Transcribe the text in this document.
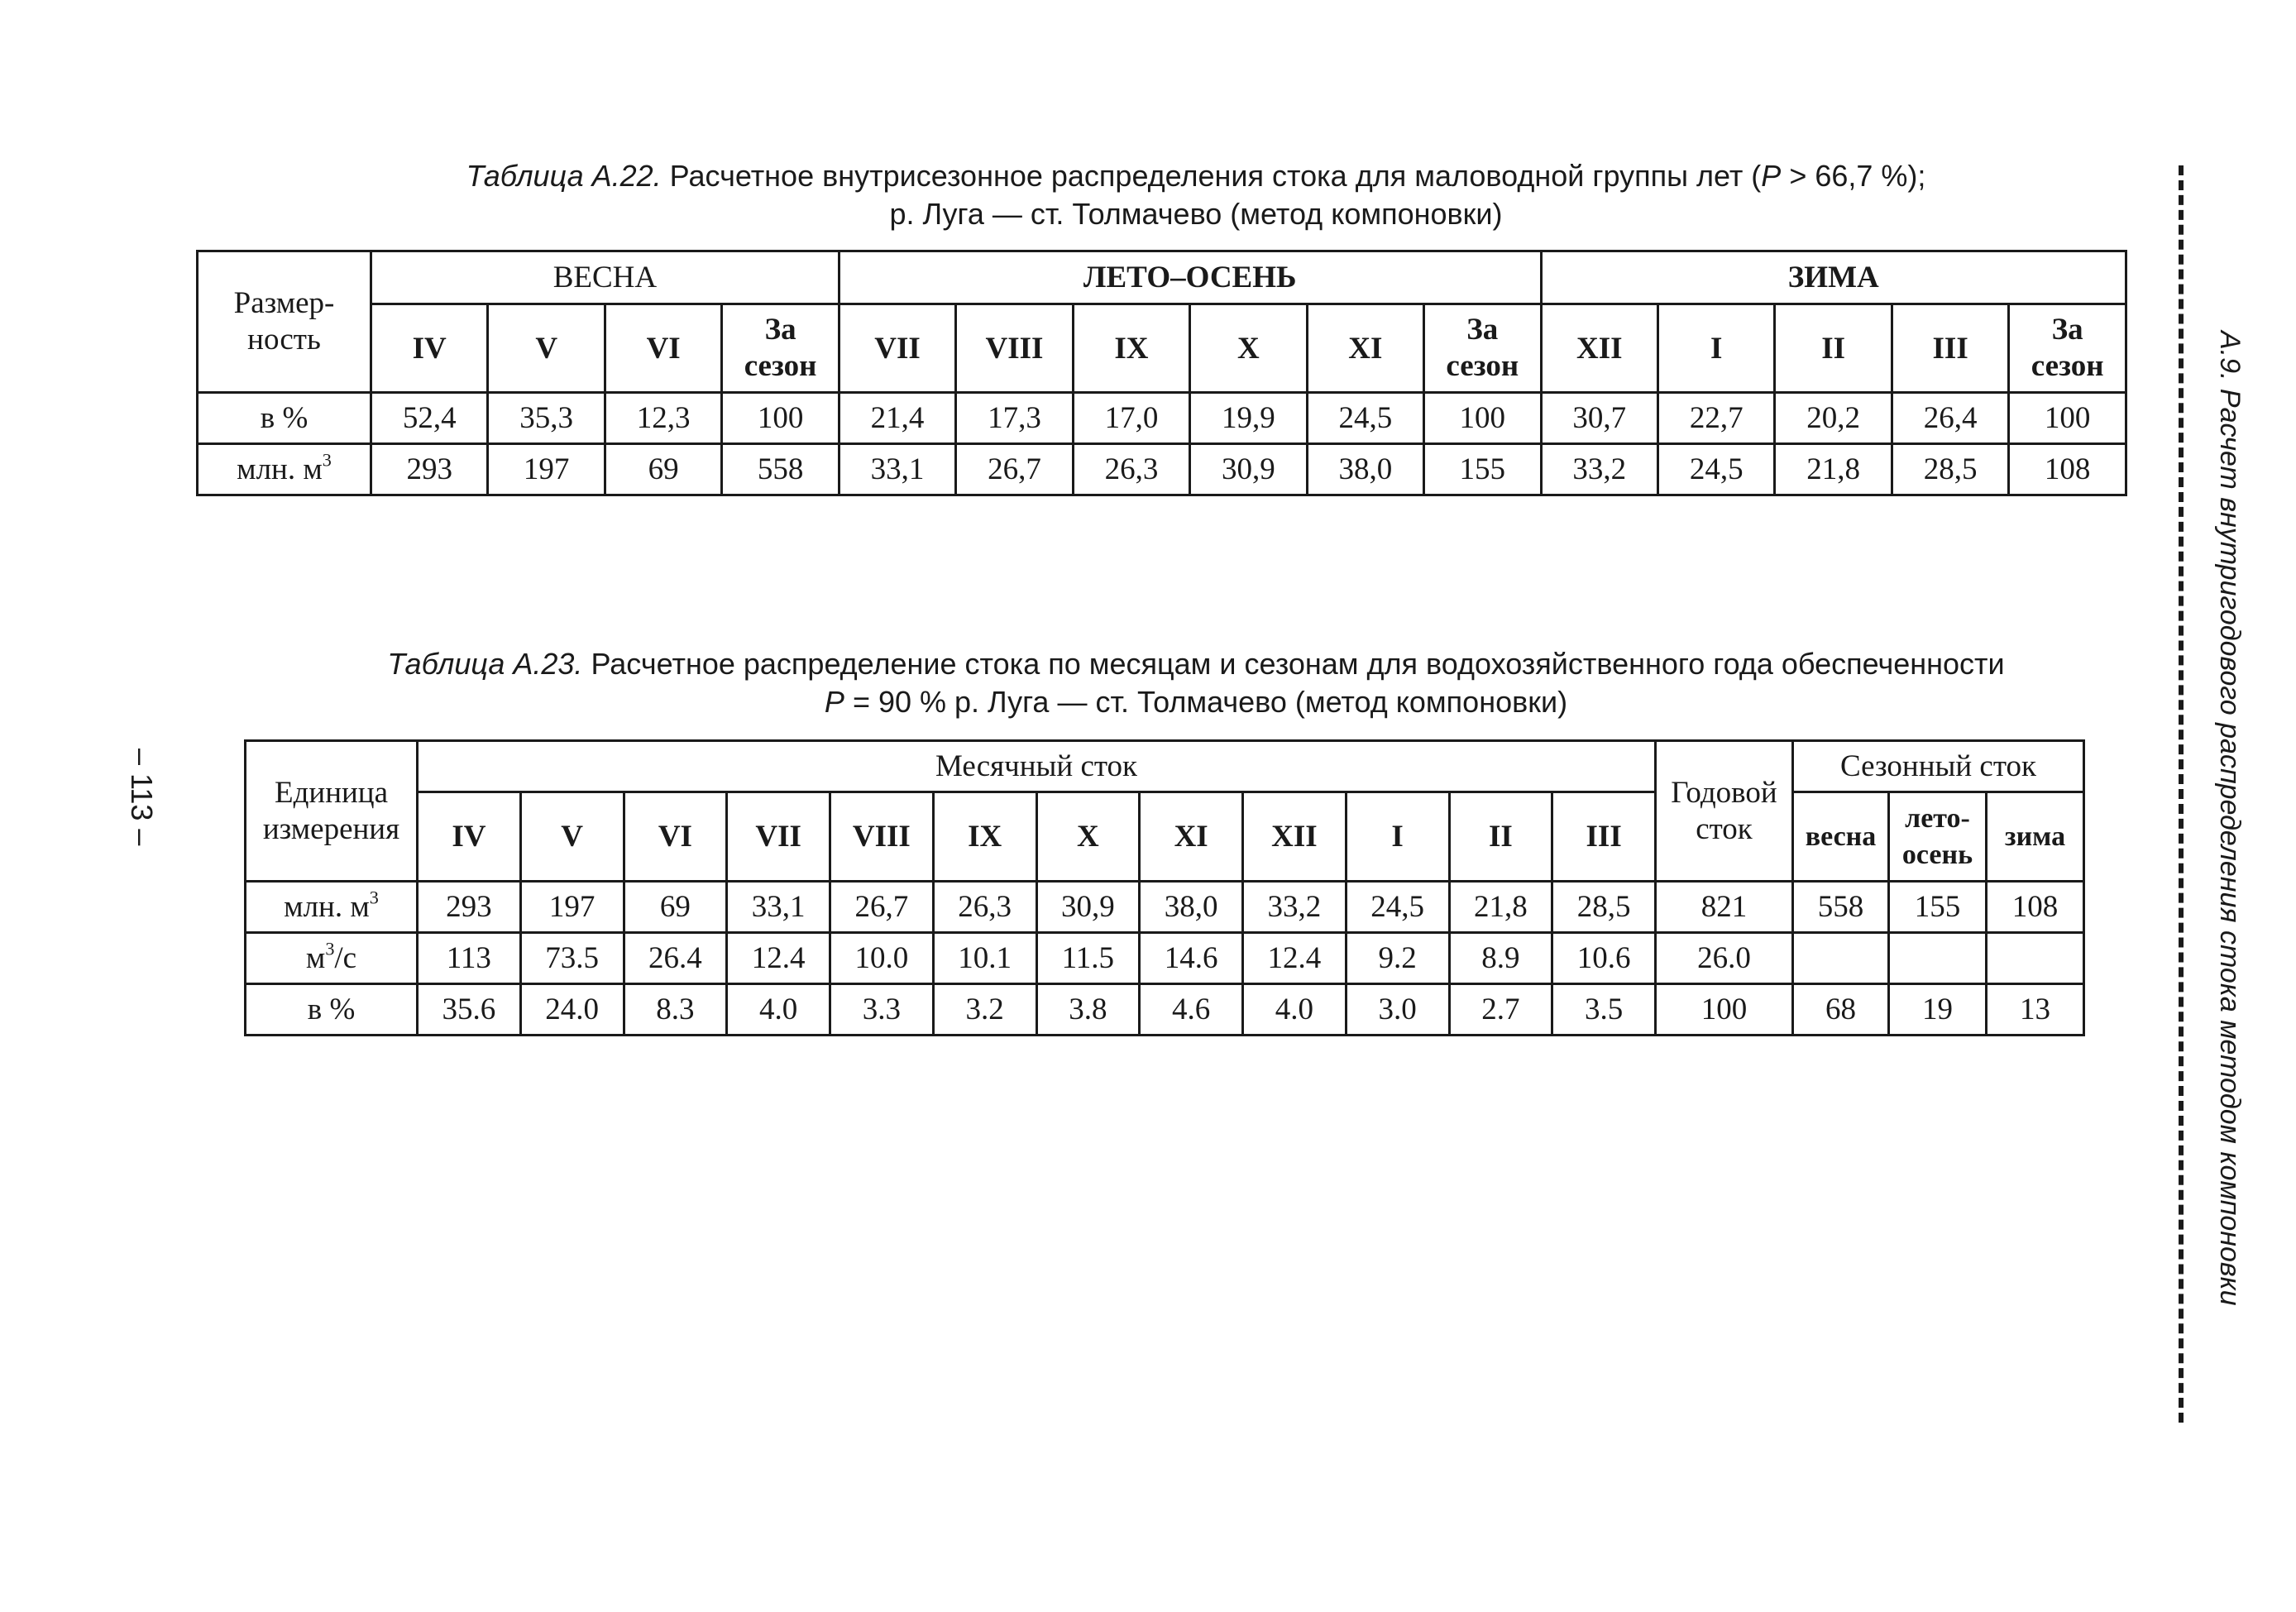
Таблица А.22. Расчетное внутрисезонное распределения стока для маловодной группы лет (P > 66,7 %);
р. Луга — ст. Толмачево (метод компоновки)
Размер-ность	ВЕСНА				ЛЕТО–ОСЕНЬ						ЗИМА				
	IV	V	VI	За сезон	VII	VIII	IX	X	XI	За сезон	XII	I	II	III	За сезон
в %	52,4	35,3	12,3	100	21,4	17,3	17,0	19,9	24,5	100	30,7	22,7	20,2	26,4	100
млн. $м^3$	293	197	69	558	33,1	26,7	26,3	30,9	38,0	155	33,2	24,5	21,8	28,5	108
Таблица А.23. Расчетное распределение стока по месяцам и сезонам для водохозяйственного года обеспеченности
P = 90 % р. Луга — ст. Толмачево (метод компоновки)
Единица измерения	Месячный сток												Годовой сток	Сезонный сток		
	IV	V	VI	VII	VIII	IX	X	XI	XII	I	II	III		весна	лето-осень	зима
млн. $м^3$	293	197	69	33,1	26,7	26,3	30,9	38,0	33,2	24,5	21,8	28,5	821	558	155	108
$м^3/с$	113	73.5	26.4	12.4	10.0	10.1	11.5	14.6	12.4	9.2	8.9	10.6	26.0			
в %	35.6	24.0	8.3	4.0	3.3	3.2	3.8	4.6	4.0	3.0	2.7	3.5	100	68	19	13	А.9. Расчет внутригодового распределения стока методом компоновки
– 113 –
